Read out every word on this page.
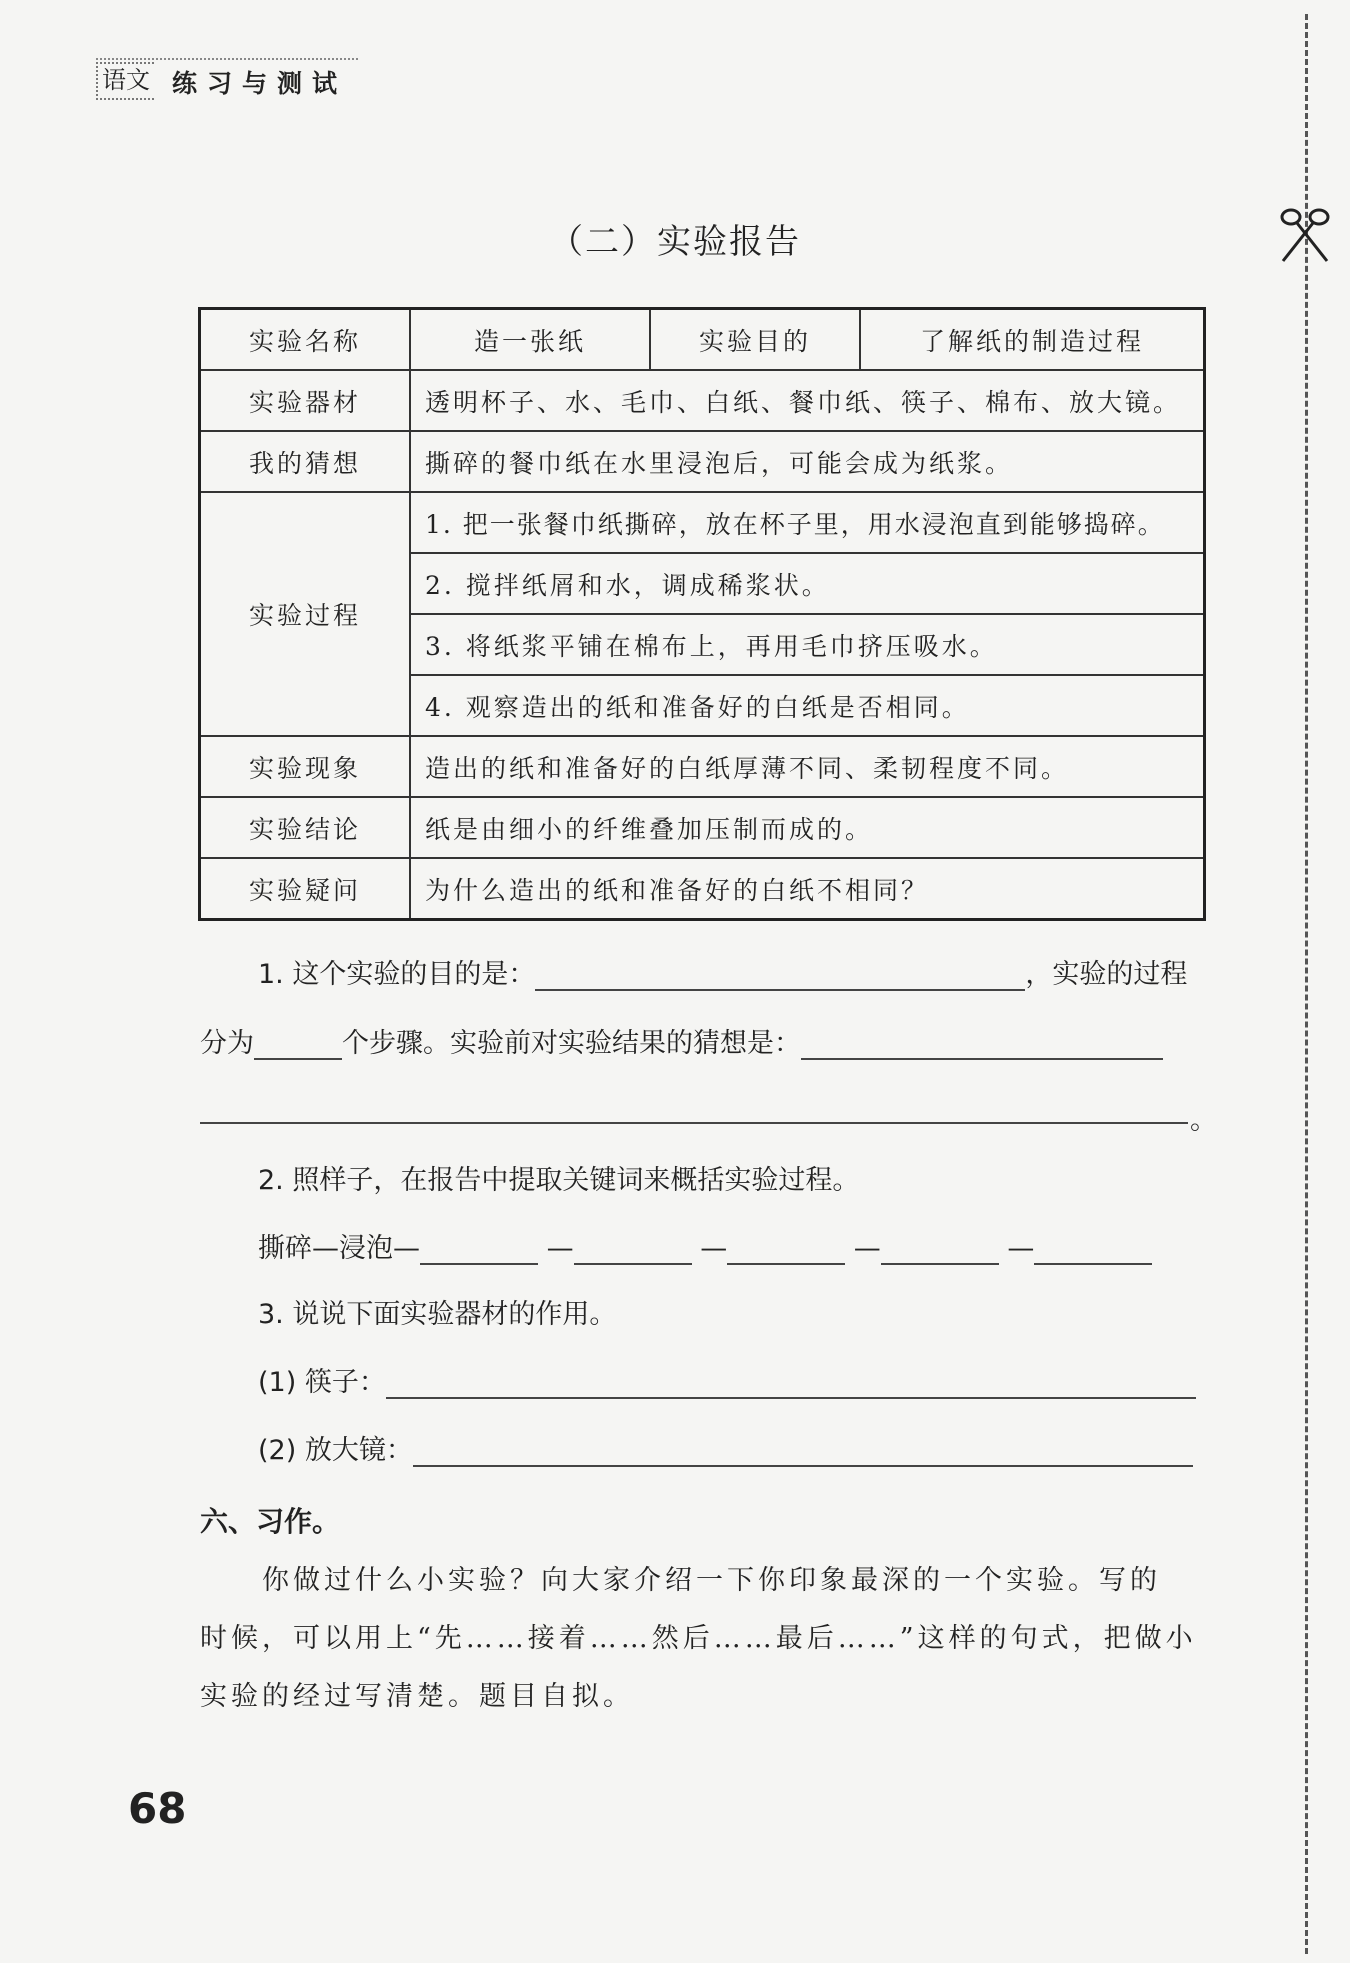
语文 练习与测试
（二）实验报告
实验名称	造一张纸	实验目的	了解纸的制造过程
实验器材	透明杯子、水、毛巾、白纸、餐巾纸、筷子、棉布、放大镜。		
我的猜想	撕碎的餐巾纸在水里浸泡后，可能会成为纸浆。		
实验过程	1. 把一张餐巾纸撕碎，放在杯子里，用水浸泡直到能够捣碎。		
	2. 搅拌纸屑和水，调成稀浆状。		
	3. 将纸浆平铺在棉布上，再用毛巾挤压吸水。		
	4. 观察造出的纸和准备好的白纸是否相同。		
实验现象	造出的纸和准备好的白纸厚薄不同、柔韧程度不同。		
实验结论	纸是由细小的纤维叠加压制而成的。		
实验疑问	为什么造出的纸和准备好的白纸不相同？		
1. 这个实验的目的是：	，实验的过程
分为	个步骤。实验前对实验结果的猜想是：
。
2. 照样子，在报告中提取关键词来概括实验过程。
撕碎—浸泡—	—	—	—	—
3. 说说下面实验器材的作用。
(1) 筷子：
(2) 放大镜：
六、习作。
你做过什么小实验？向大家介绍一下你印象最深的一个实验。写的
时候，可以用上“先……接着……然后……最后……”这样的句式，把做小
实验的经过写清楚。题目自拟。
68
